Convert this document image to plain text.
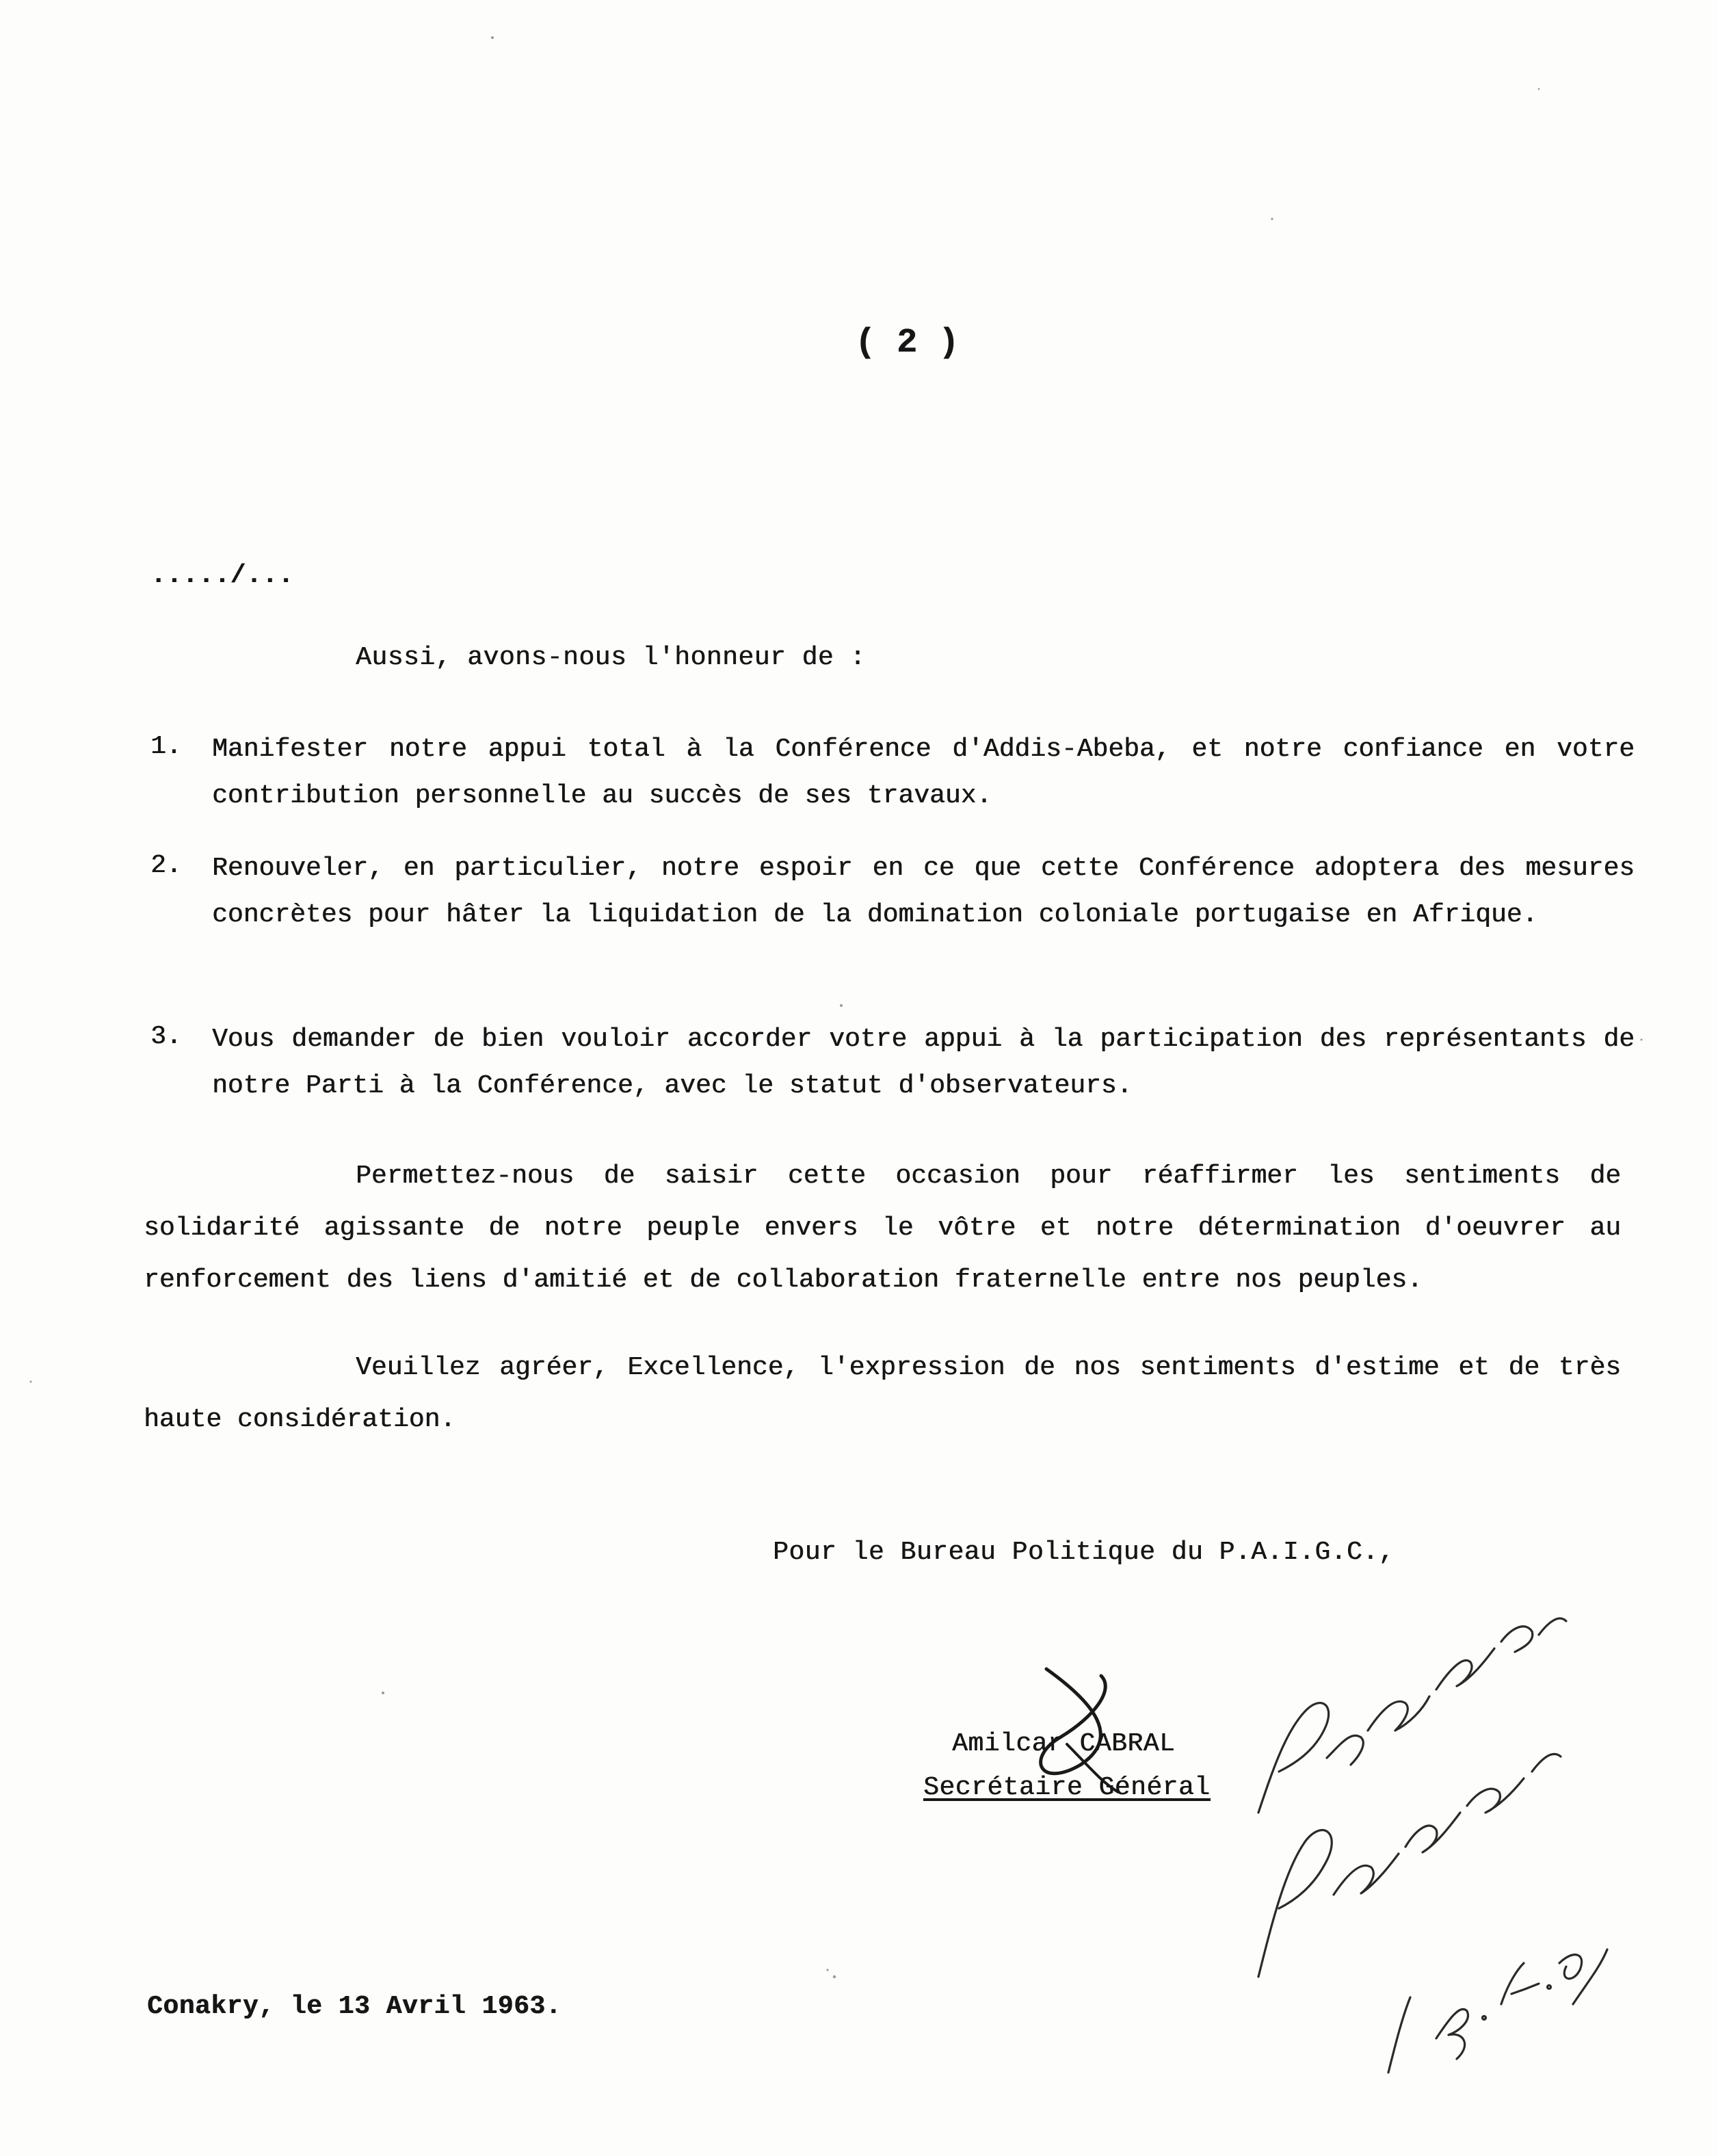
( 2 )
...../...
Aussi, avons-nous l'honneur de :
1. Manifester notre appui total à la Conférence d'Addis-Abeba, et notre confiance en votre contribution personnelle au succès de ses travaux.
2. Renouveler, en particulier, notre espoir en ce que cette Conférence adoptera des mesures concrètes pour hâter la liquidation de la domination coloniale portugaise en Afrique.
3. Vous demander de bien vouloir accorder votre appui à la participation des représentants de notre Parti à la Conférence, avec le statut d'observateurs.
Permettez-nous de saisir cette occasion pour réaffirmer les sentiments de solidarité agissante de notre peuple envers le vôtre et notre détermination d'oeuvrer au renforcement des liens d'amitié et de collaboration fraternelle entre nos peuples.
Veuillez agréer, Excellence, l'expression de nos sentiments d'estime et de très haute considération.
Pour le Bureau Politique du P.A.I.G.C.,
Amilcar CABRAL
Secrétaire Général
Conakry, le 13 Avril 1963.
